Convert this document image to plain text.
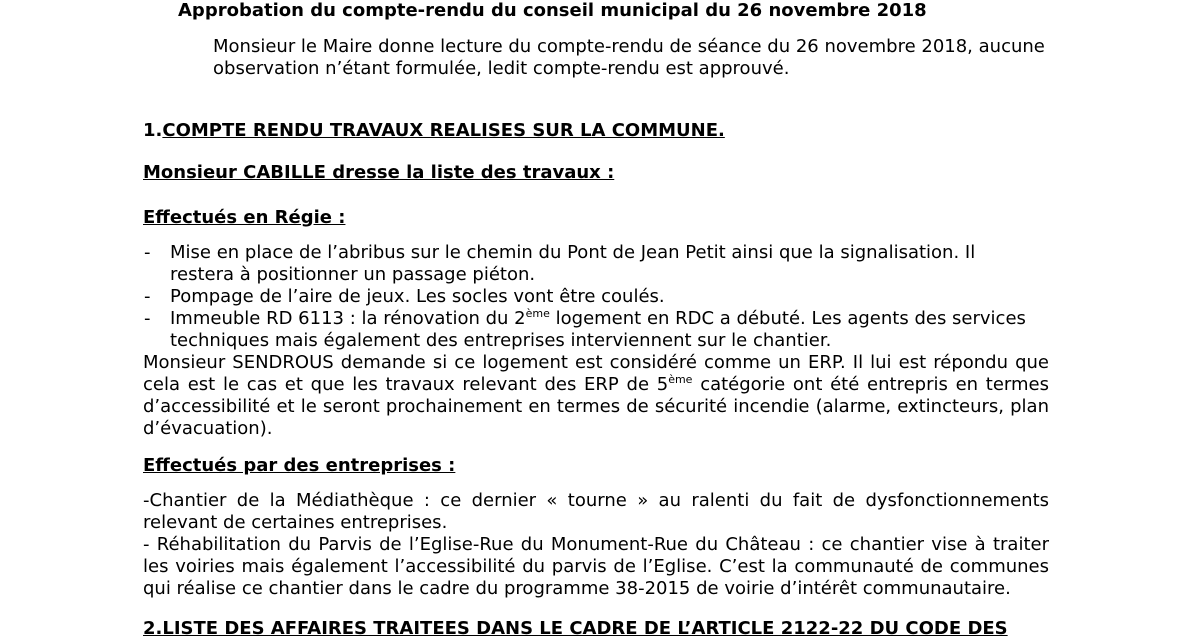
Approbation du compte-rendu du conseil municipal du 26 novembre 2018
Monsieur le Maire donne lecture du compte-rendu de séance du 26 novembre 2018, aucune
observation n’étant formulée, ledit compte-rendu est approuvé.
1.COMPTE RENDU TRAVAUX REALISES SUR LA COMMUNE.
Monsieur CABILLE dresse la liste des travaux :
Effectués en Régie :
- Mise en place de l’abribus sur le chemin du Pont de Jean Petit ainsi que la signalisation. Il
restera à positionner un passage piéton.
- Pompage de l’aire de jeux. Les socles vont être coulés.
- Immeuble RD 6113 : la rénovation du 2ème logement en RDC a débuté. Les agents des services
techniques mais également des entreprises interviennent sur le chantier.
Monsieur SENDROUS demande si ce logement est considéré comme un ERP. Il lui est répondu que
cela est le cas et que les travaux relevant des ERP de 5ème catégorie ont été entrepris en termes
d’accessibilité et le seront prochainement en termes de sécurité incendie (alarme, extincteurs, plan
d’évacuation).
Effectués par des entreprises :
-Chantier de la Médiathèque : ce dernier « tourne » au ralenti du fait de dysfonctionnements
relevant de certaines entreprises.
- Réhabilitation du Parvis de l’Eglise-Rue du Monument-Rue du Château : ce chantier vise à traiter
les voiries mais également l’accessibilité du parvis de l’Eglise. C’est la communauté de communes
qui réalise ce chantier dans le cadre du programme 38-2015 de voirie d’intérêt communautaire.
2.LISTE DES AFFAIRES TRAITEES DANS LE CADRE DE L’ARTICLE 2122-22 DU CODE DES
